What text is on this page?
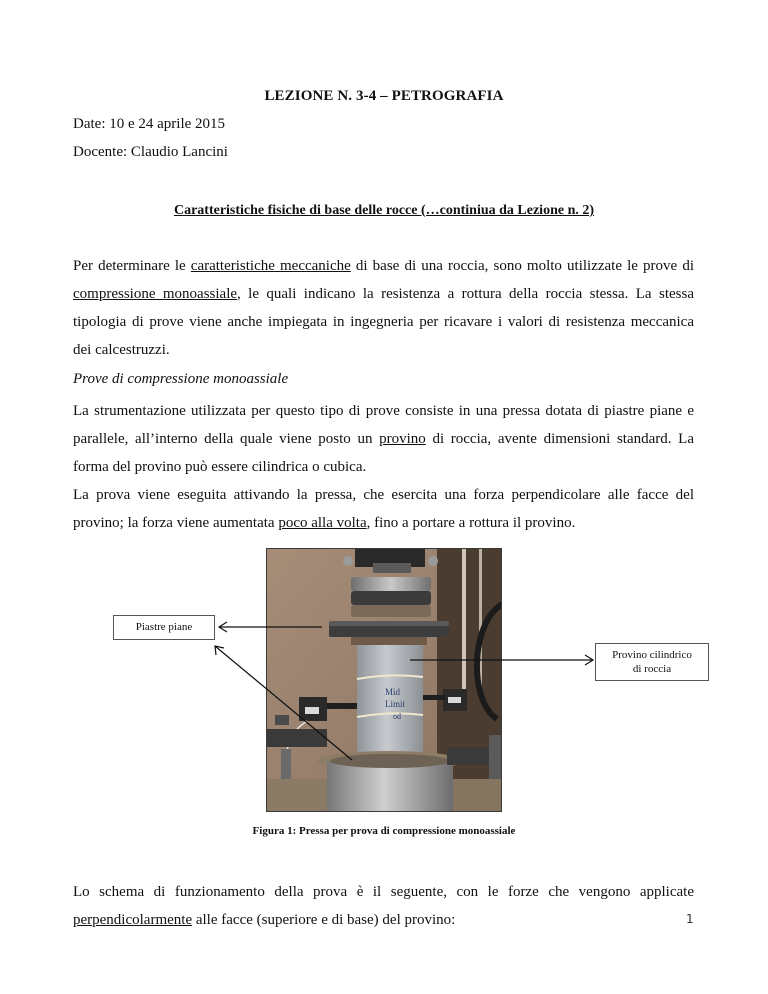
LEZIONE N. 3-4 – PETROGRAFIA
Date: 10 e 24 aprile 2015
Docente: Claudio Lancini
Caratteristiche fisiche di base delle rocce (…continiua da Lezione n. 2)
Per determinare le caratteristiche meccaniche di base di una roccia, sono molto utilizzate le prove di
compressione monoassiale, le quali indicano la resistenza a rottura della roccia stessa. La stessa
tipologia di prove viene anche impiegata in ingegneria per ricavare i valori di resistenza meccanica
dei calcestruzzi.
Prove di compressione monoassiale
La strumentazione utilizzata per questo tipo di prove consiste in una pressa dotata di piastre piane e
parallele, all’interno della quale viene posto un provino di roccia, avente dimensioni standard. La
forma del provino può essere cilindrica o cubica.
La prova viene eseguita attivando la pressa, che esercita una forza perpendicolare alle facce del
provino; la forza viene aumentata poco alla volta, fino a portare a rottura il provino.
Mid
Limit
od
Piastre piane
Provino cilindrico
di roccia
Figura 1: Pressa per prova di compressione monoassiale
Lo schema di funzionamento della prova è il seguente, con le forze che vengono applicate
perpendicolarmente alle facce (superiore e di base) del provino:	1
